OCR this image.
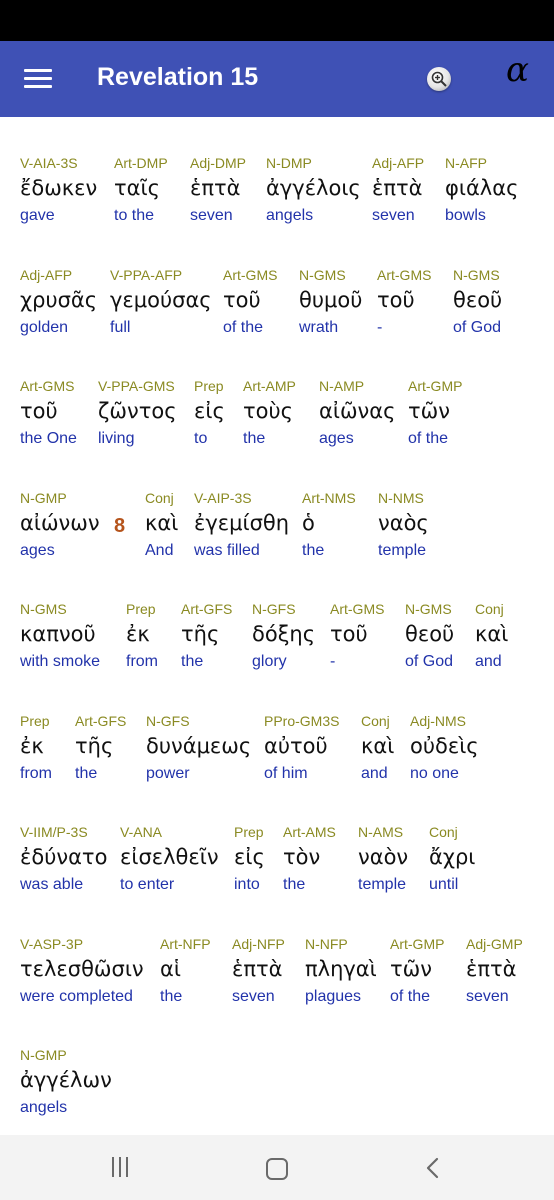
Revelation 15	α
V-AIA-3S
ἔδωκεν
gave
Art-DMP
ταῖς
to the
Adj-DMP
ἑπτὰ
seven
N-DMP
ἀγγέλοις
angels
Adj-AFP
ἑπτὰ
seven
N-AFP
φιάλας
bowls
Adj-AFP
χρυσᾶς
golden
V-PPA-AFP
γεμούσας
full
Art-GMS
τοῦ
of the
N-GMS
θυμοῦ
wrath
Art-GMS
τοῦ
-
N-GMS
θεοῦ
of God
Art-GMS
τοῦ
the One
V-PPA-GMS
ζῶντος
living
Prep
εἰς
to
Art-AMP
τοὺς
the
N-AMP
αἰῶνας
ages
Art-GMP
τῶν
of the
N-GMP
αἰώνων
ages
8
Conj
καὶ
And
V-AIP-3S
ἐγεμίσθη
was filled
Art-NMS
ὁ
the
N-NMS
ναὸς
temple
N-GMS
καπνοῦ
with smoke
Prep
ἐκ
from
Art-GFS
τῆς
the
N-GFS
δόξης
glory
Art-GMS
τοῦ
-
N-GMS
θεοῦ
of God
Conj
καὶ
and
Prep
ἐκ
from
Art-GFS
τῆς
the
N-GFS
δυνάμεως
power
PPro-GM3S
αὐτοῦ
of him
Conj
καὶ
and
Adj-NMS
οὐδεὶς
no one
V-IIM/P-3S
ἐδύνατο
was able
V-ANA
εἰσελθεῖν
to enter
Prep
εἰς
into
Art-AMS
τὸν
the
N-AMS
ναὸν
temple
Conj
ἄχρι
until
V-ASP-3P
τελεσθῶσιν
were completed
Art-NFP
αἱ
the
Adj-NFP
ἑπτὰ
seven
N-NFP
πληγαὶ
plagues
Art-GMP
τῶν
of the
Adj-GMP
ἑπτὰ
seven
N-GMP
ἀγγέλων
angels
